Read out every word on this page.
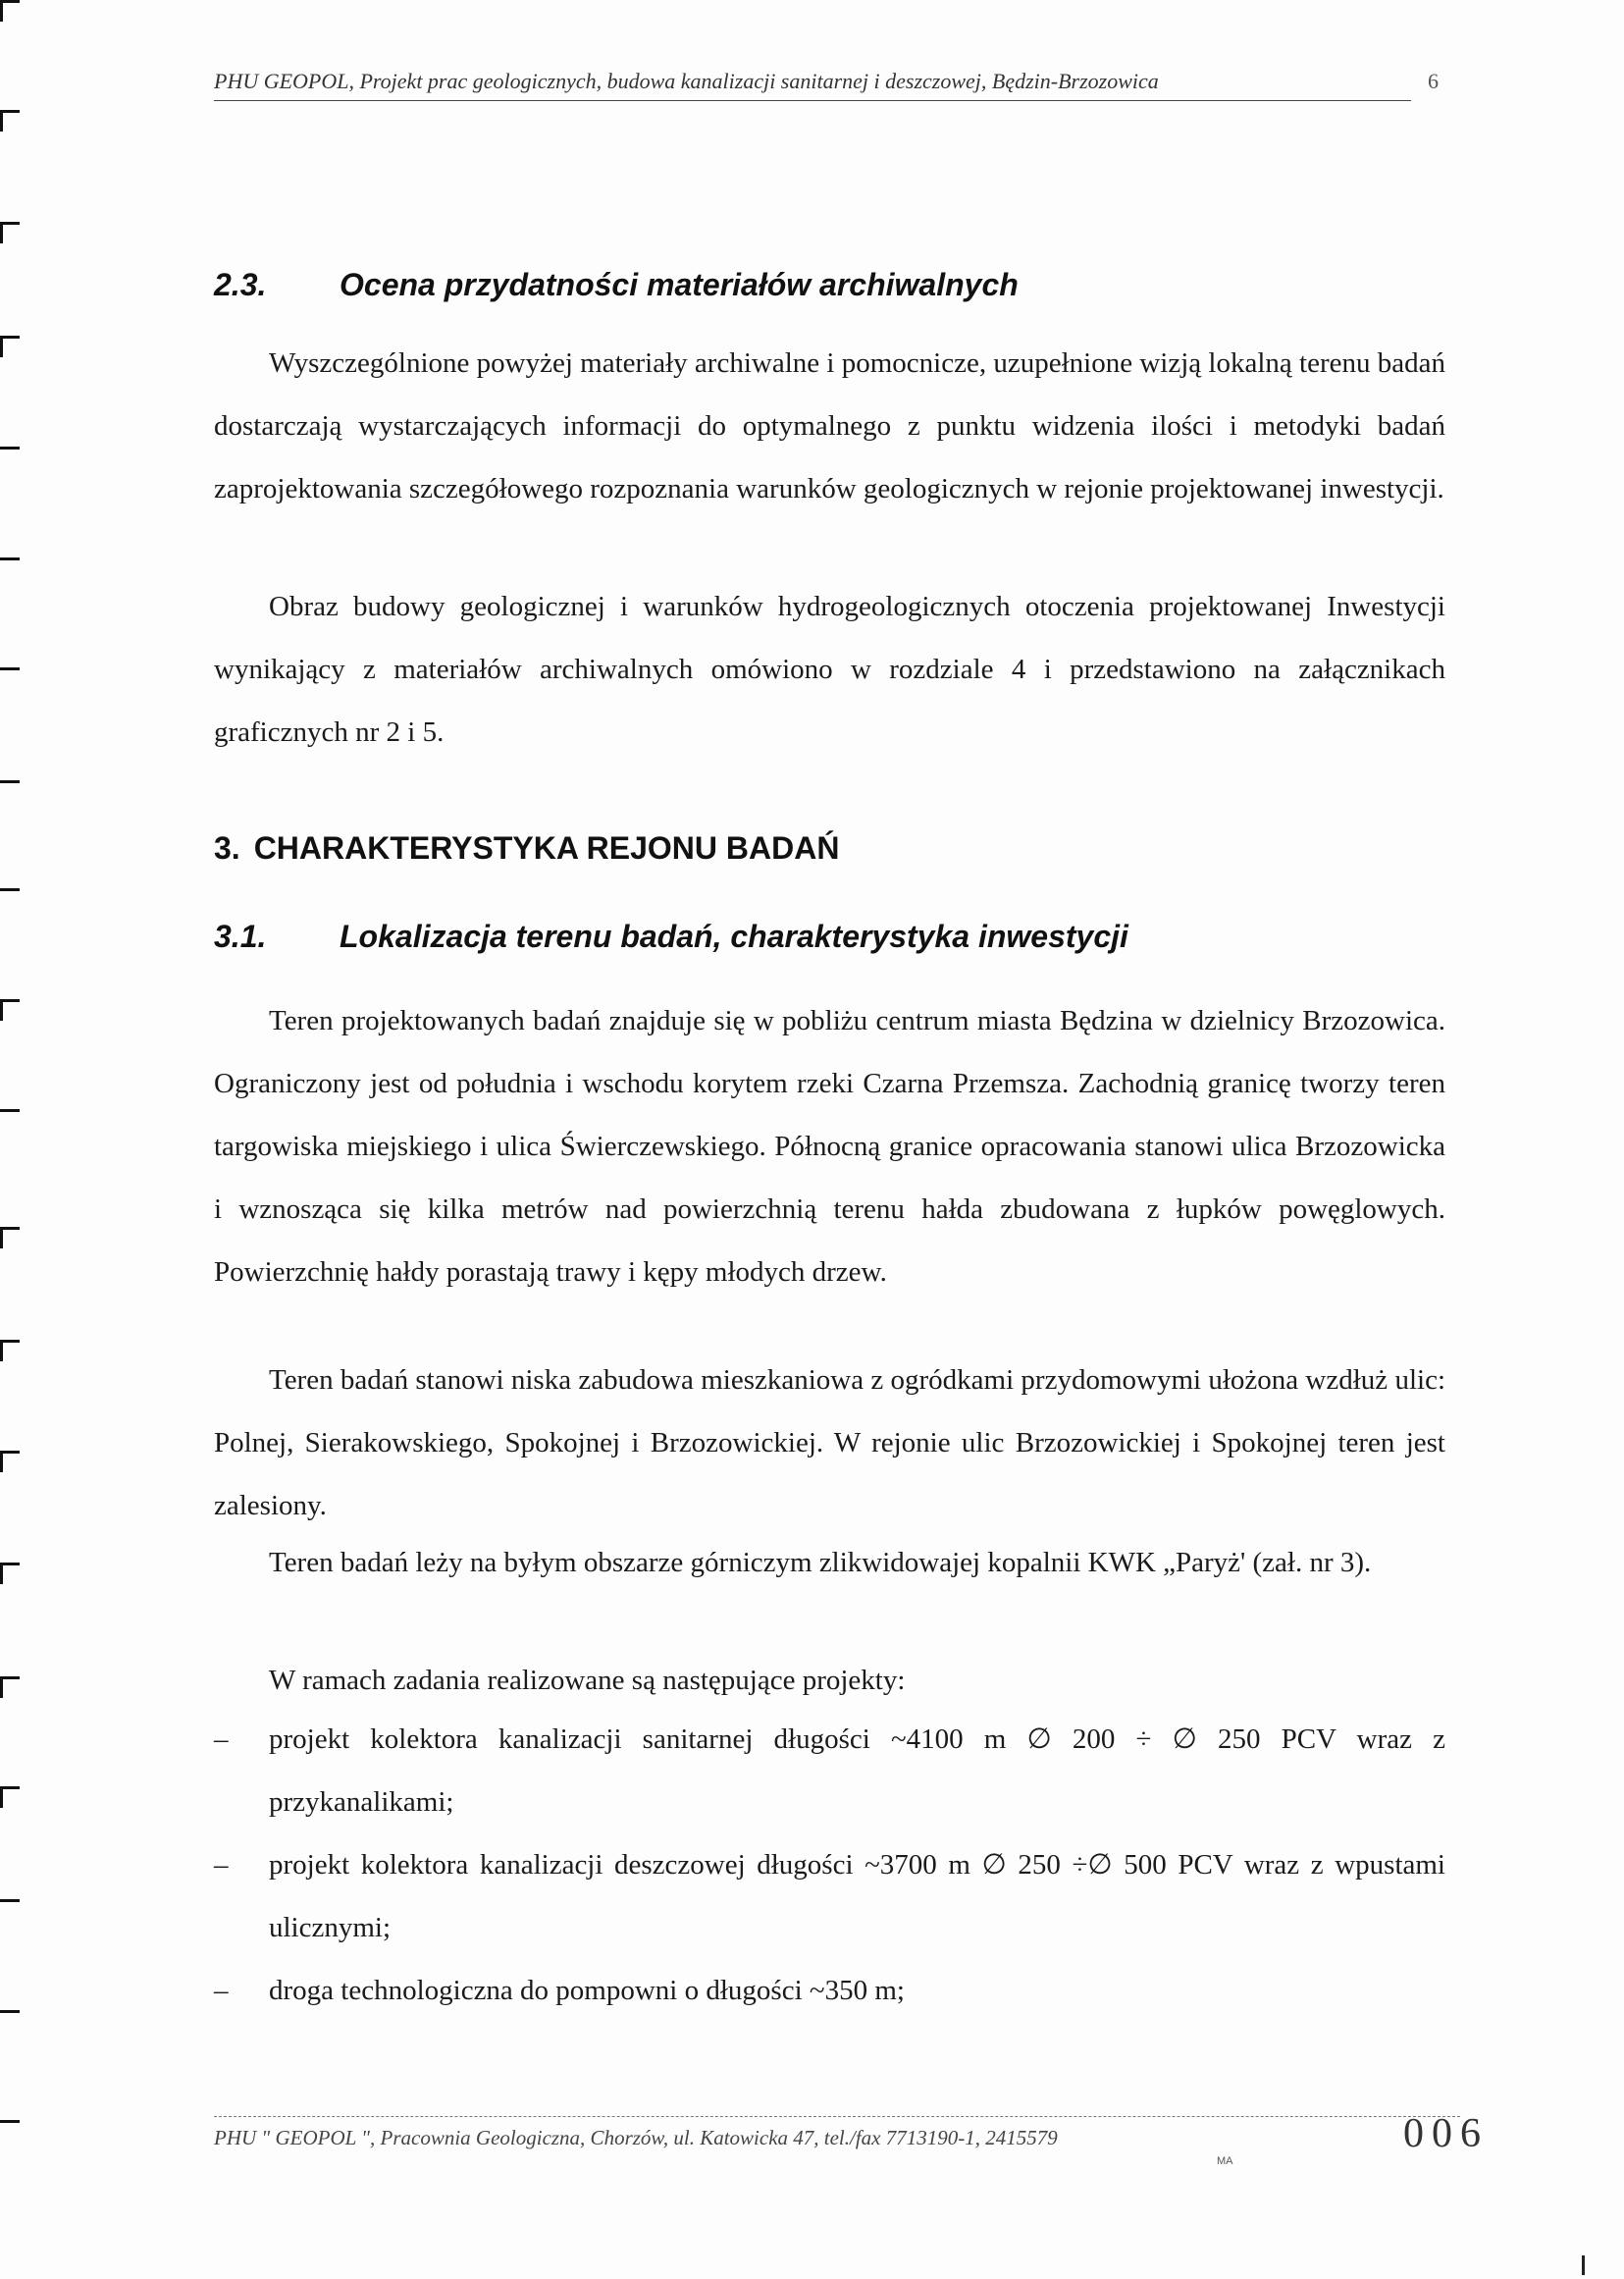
PHU GEOPOL, Projekt prac geologicznych, budowa kanalizacji sanitarnej i deszczowej, Będzin-Brzozowica	6
2.3. Ocena przydatności materiałów archiwalnych

Wyszczególnione powyżej materiały archiwalne i pomocnicze, uzupełnione wizją lokalną terenu badań dostarczają wystarczających informacji do optymalnego z punktu widzenia ilości i metodyki badań zaprojektowania szczegółowego rozpoznania warunków geologicznych w rejonie projektowanej inwestycji.

Obraz budowy geologicznej i warunków hydrogeologicznych otoczenia projektowanej Inwestycji wynikający z materiałów archiwalnych omówiono w rozdziale 4 i przedstawiono na załącznikach graficznych nr 2 i 5.

3. CHARAKTERYSTYKA REJONU BADAŃ
3.1. Lokalizacja terenu badań, charakterystyka inwestycji

Teren projektowanych badań znajduje się w pobliżu centrum miasta Będzina w dzielnicy Brzozowica. Ograniczony jest od południa i wschodu korytem rzeki Czarna Przemsza. Zachodnią granicę tworzy teren targowiska miejskiego i ulica Świerczewskiego. Północną granice opracowania stanowi ulica Brzozowicka i wznosząca się kilka metrów nad powierzchnią terenu hałda zbudowana z łupków powęglowych. Powierzchnię hałdy porastają trawy i kępy młodych drzew.

Teren badań stanowi niska zabudowa mieszkaniowa z ogródkami przydomowymi ułożona wzdłuż ulic: Polnej, Sierakowskiego, Spokojnej i Brzozowickiej. W rejonie ulic Brzozowickiej i Spokojnej teren jest zalesiony.

Teren badań leży na byłym obszarze górniczym zlikwidowajej kopalnii KWK „Paryż' (zał. nr 3).

W ramach zadania realizowane są następujące projekty:

– projekt kolektora kanalizacji sanitarnej długości ~4100 m ∅ 200 ÷ ∅ 250 PCV wraz z przykanalikami;
– projekt kolektora kanalizacji deszczowej długości ~3700 m ∅ 250 ÷∅ 500 PCV wraz z wpustami ulicznymi;
– droga technologiczna do pompowni o długości ~350 m;
PHU " GEOPOL ", Pracownia Geologiczna, Chorzów, ul. Katowicka 47, tel./fax 7713190-1, 2415579
MA
006
